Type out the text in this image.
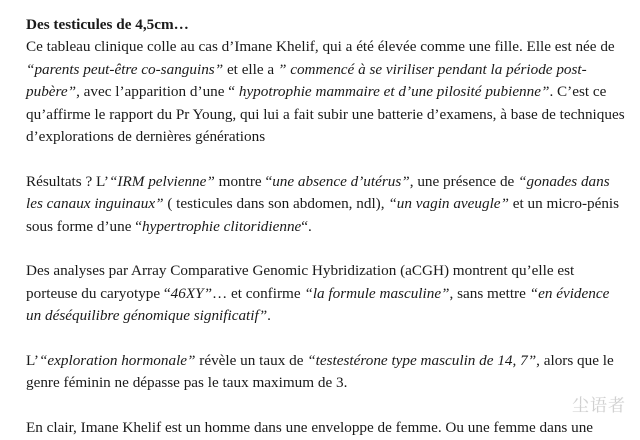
Des testicules de 4,5cm…

Ce tableau clinique colle au cas d’Imane Khelif, qui a été élevée comme une fille. Elle est née de “parents peut-être co-sanguins” et elle a ” commencé à se viriliser pendant la période post-pubère”, avec l’apparition d’une “ hypotrophie mammaire et d’une pilosité pubienne”. C’est ce qu’affirme le rapport du Pr Young, qui lui a fait subir une batterie d’examens, à base de techniques d’explorations de dernières générations

Résultats ? L’“IRM pelvienne” montre “une absence d’utérus”, une présence de “gonades dans les canaux inguinaux” ( testicules dans son abdomen, ndl), “un vagin aveugle” et un micro-pénis sous forme d’une “hypertrophie clitoridienne“.

Des analyses par Array Comparative Genomic Hybridization (aCGH) montrent qu’elle est porteuse du caryotype “46XY”… et confirme “la formule masculine”, sans mettre “en évidence un déséquilibre génomique significatif”.

L’“exploration hormonale” révèle un taux de “testestérone type masculin de 14, 7”, alors que le genre féminin ne dépasse pas le taux maximum de 3.

En clair, Imane Khelif est un homme dans une enveloppe de femme. Ou une femme dans une

尘语者
